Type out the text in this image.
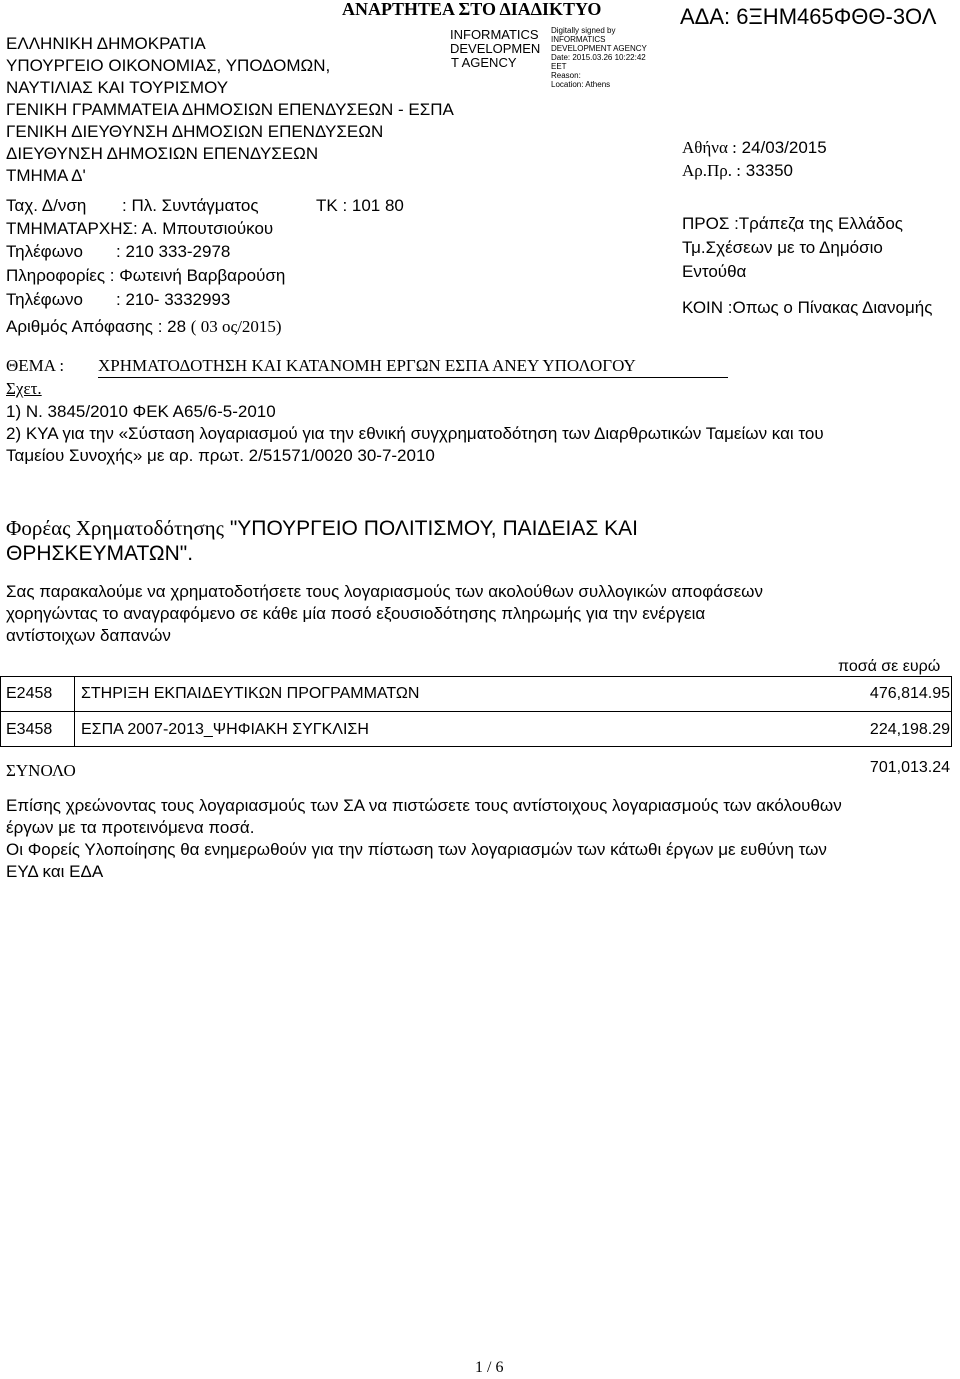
ΑΝΑΡΤΗΤΕΑ ΣΤΟ ΔΙΑΔΙΚΤΥΟ
INFORMATICS
DEVELOPMEN
T AGENCY
Digitally signed by
INFORMATICS
DEVELOPMENT AGENCY
Date: 2015.03.26 10:22:42
EET
Reason:
Location: Athens
ΑΔΑ: 6ΞΗΜ465ΦΘΘ-3ΟΛ
ΕΛΛΗΝΙΚΗ ΔΗΜΟΚΡΑΤΙΑ
ΥΠΟΥΡΓΕΙΟ ΟΙΚΟΝΟΜΙΑΣ, ΥΠΟΔΟΜΩΝ,
ΝΑΥΤΙΛΙΑΣ ΚΑΙ ΤΟΥΡΙΣΜΟΥ
ΓΕΝΙΚΗ ΓΡΑΜΜΑΤΕΙΑ ΔΗΜΟΣΙΩΝ ΕΠΕΝΔΥΣΕΩΝ - ΕΣΠΑ
ΓΕΝΙΚΗ ΔΙΕΥΘΥΝΣΗ ΔΗΜΟΣΙΩΝ ΕΠΕΝΔΥΣΕΩΝ
ΔΙΕΥΘΥΝΣΗ ΔΗΜΟΣΙΩΝ ΕΠΕΝΔΥΣΕΩΝ
ΤΜΗΜΑ Δ'
Ταχ. Δ/νση : Πλ. Συντάγματος	ΤΚ : 101 80
ΤΜΗΜΑΤΑΡΧΗΣ: Α. Μπουτσιούκου
Τηλέφωνο : 210 333-2978
Πληροφορίες : Φωτεινή Βαρβαρούση
Τηλέφωνο : 210- 3332993
Αριθμός Απόφασης : 28 ( 03 ος/2015)
Αθήνα : 24/03/2015
Αρ.Πρ. : 33350
ΠΡΟΣ :Τράπεζα της Ελλάδος
Τμ.Σχέσεων με το Δημόσιο
Εντούθα
ΚΟΙΝ :Οπως ο Πίνακας Διανομής
ΘΕΜΑ : ΧΡΗΜΑΤΟΔΟΤΗΣΗ ΚΑΙ ΚΑΤΑΝΟΜΗ ΕΡΓΩΝ ΕΣΠΑ ΑΝΕΥ ΥΠΟΛΟΓΟΥ
Σχετ.
1) Ν. 3845/2010 ΦΕΚ Α65/6-5-2010
2) ΚΥΑ για την «Σύσταση λογαριασμού για την εθνική συγχρηματοδότηση των Διαρθρωτικών Ταμείων και του
Ταμείου Συνοχής» με αρ. πρωτ. 2/51571/0020 30-7-2010
Φορέας Χρηματοδότησης "ΥΠΟΥΡΓΕΙΟ ΠΟΛΙΤΙΣΜΟΥ, ΠΑΙΔΕΙΑΣ ΚΑΙ
ΘΡΗΣΚΕΥΜΑΤΩΝ".
Σας παρακαλούμε να χρηματοδοτήσετε τους λογαριασμούς των ακολούθων συλλογικών αποφάσεων
χορηγώντας το αναγραφόμενο σε κάθε μία ποσό εξουσιοδότησης πληρωμής για την ενέργεια
αντίστοιχων δαπανών
ποσά σε ευρώ
Ε2458 ΣΤΗΡΙΞΗ ΕΚΠΑΙΔΕΥΤΙΚΩΝ ΠΡΟΓΡΑΜΜΑΤΩΝ	476,814.95
Ε3458 ΕΣΠΑ 2007-2013_ΨΗΦΙΑΚΗ ΣΥΓΚΛΙΣΗ	224,198.29
ΣΥΝΟΛΟ	701,013.24
Επίσης χρεώνοντας τους λογαριασμούς των ΣΑ να πιστώσετε τους αντίστοιχους λογαριασμούς των ακόλουθων
έργων με τα προτεινόμενα ποσά.
Οι Φορείς Υλοποίησης θα ενημερωθούν για την πίστωση των λογαριασμών των κάτωθι έργων με ευθύνη των
ΕΥΔ και ΕΔΑ
1 / 6
